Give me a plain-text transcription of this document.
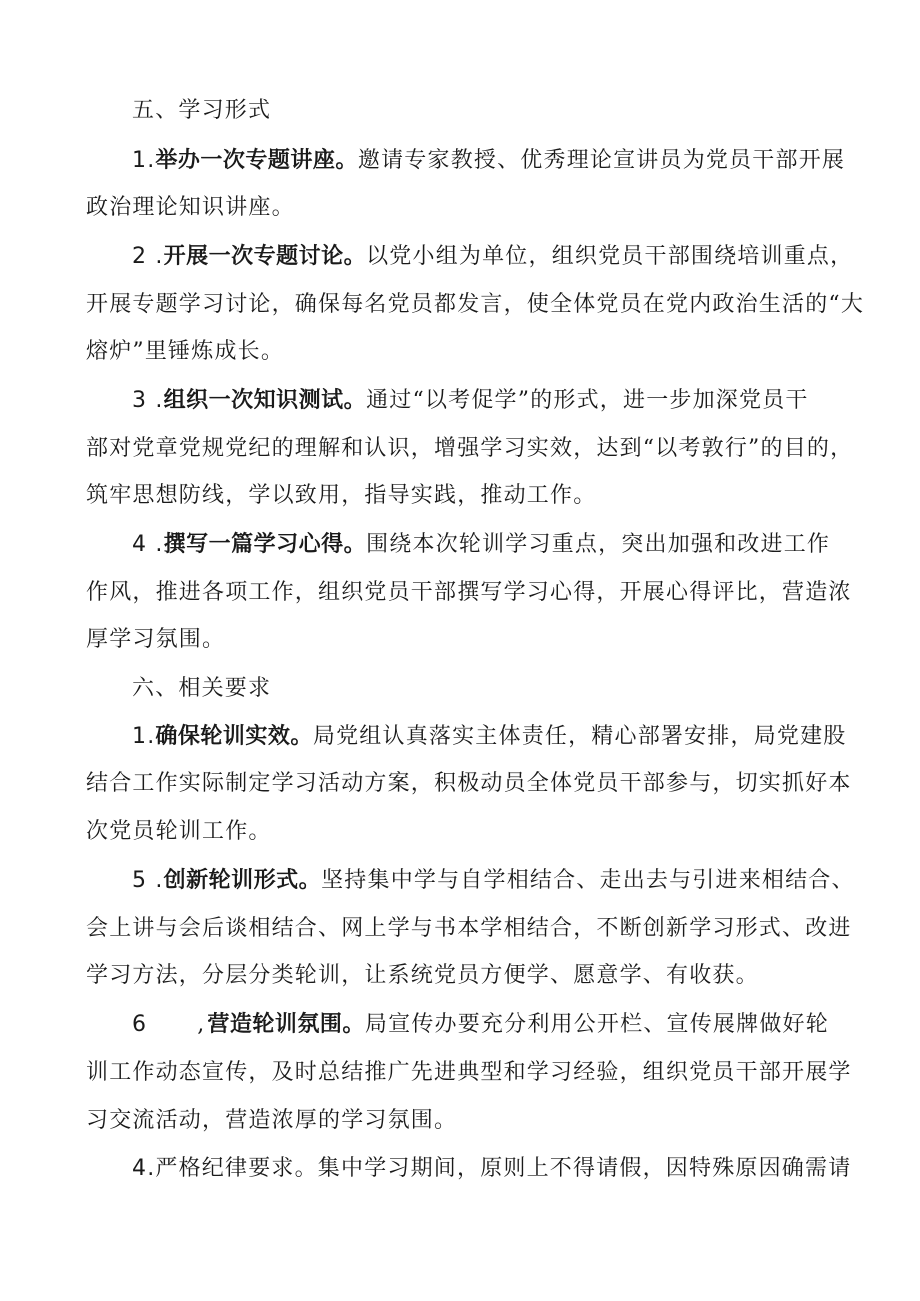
五、学习形式
1.举办一次专题讲座。邀请专家教授、优秀理论宣讲员为党员干部开展
政治理论知识讲座。
2 .开展一次专题讨论。以党小组为单位，组织党员干部围绕培训重点，
开展专题学习讨论，确保每名党员都发言，使全体党员在党内政治生活的“大
熔炉”里锤炼成长。
3 .组织一次知识测试。通过“以考促学”的形式，进一步加深党员干
部对党章党规党纪的理解和认识，增强学习实效，达到“以考敦行”的目的，
筑牢思想防线，学以致用，指导实践，推动工作。
4 .撰写一篇学习心得。围绕本次轮训学习重点，突出加强和改进工作
作风，推进各项工作，组织党员干部撰写学习心得，开展心得评比，营造浓
厚学习氛围。
六、相关要求
1.确保轮训实效。局党组认真落实主体责任，精心部署安排，局党建股
结合工作实际制定学习活动方案，积极动员全体党员干部参与，切实抓好本
次党员轮训工作。
5 .创新轮训形式。坚持集中学与自学相结合、走出去与引进来相结合、
会上讲与会后谈相结合、网上学与书本学相结合，不断创新学习形式、改进
学习方法，分层分类轮训，让系统党员方便学、愿意学、有收获。
6 ,营造轮训氛围。局宣传办要充分利用公开栏、宣传展牌做好轮
训工作动态宣传，及时总结推广先进典型和学习经验，组织党员干部开展学
习交流活动，营造浓厚的学习氛围。
4.严格纪律要求。集中学习期间，原则上不得请假，因特殊原因确需请
